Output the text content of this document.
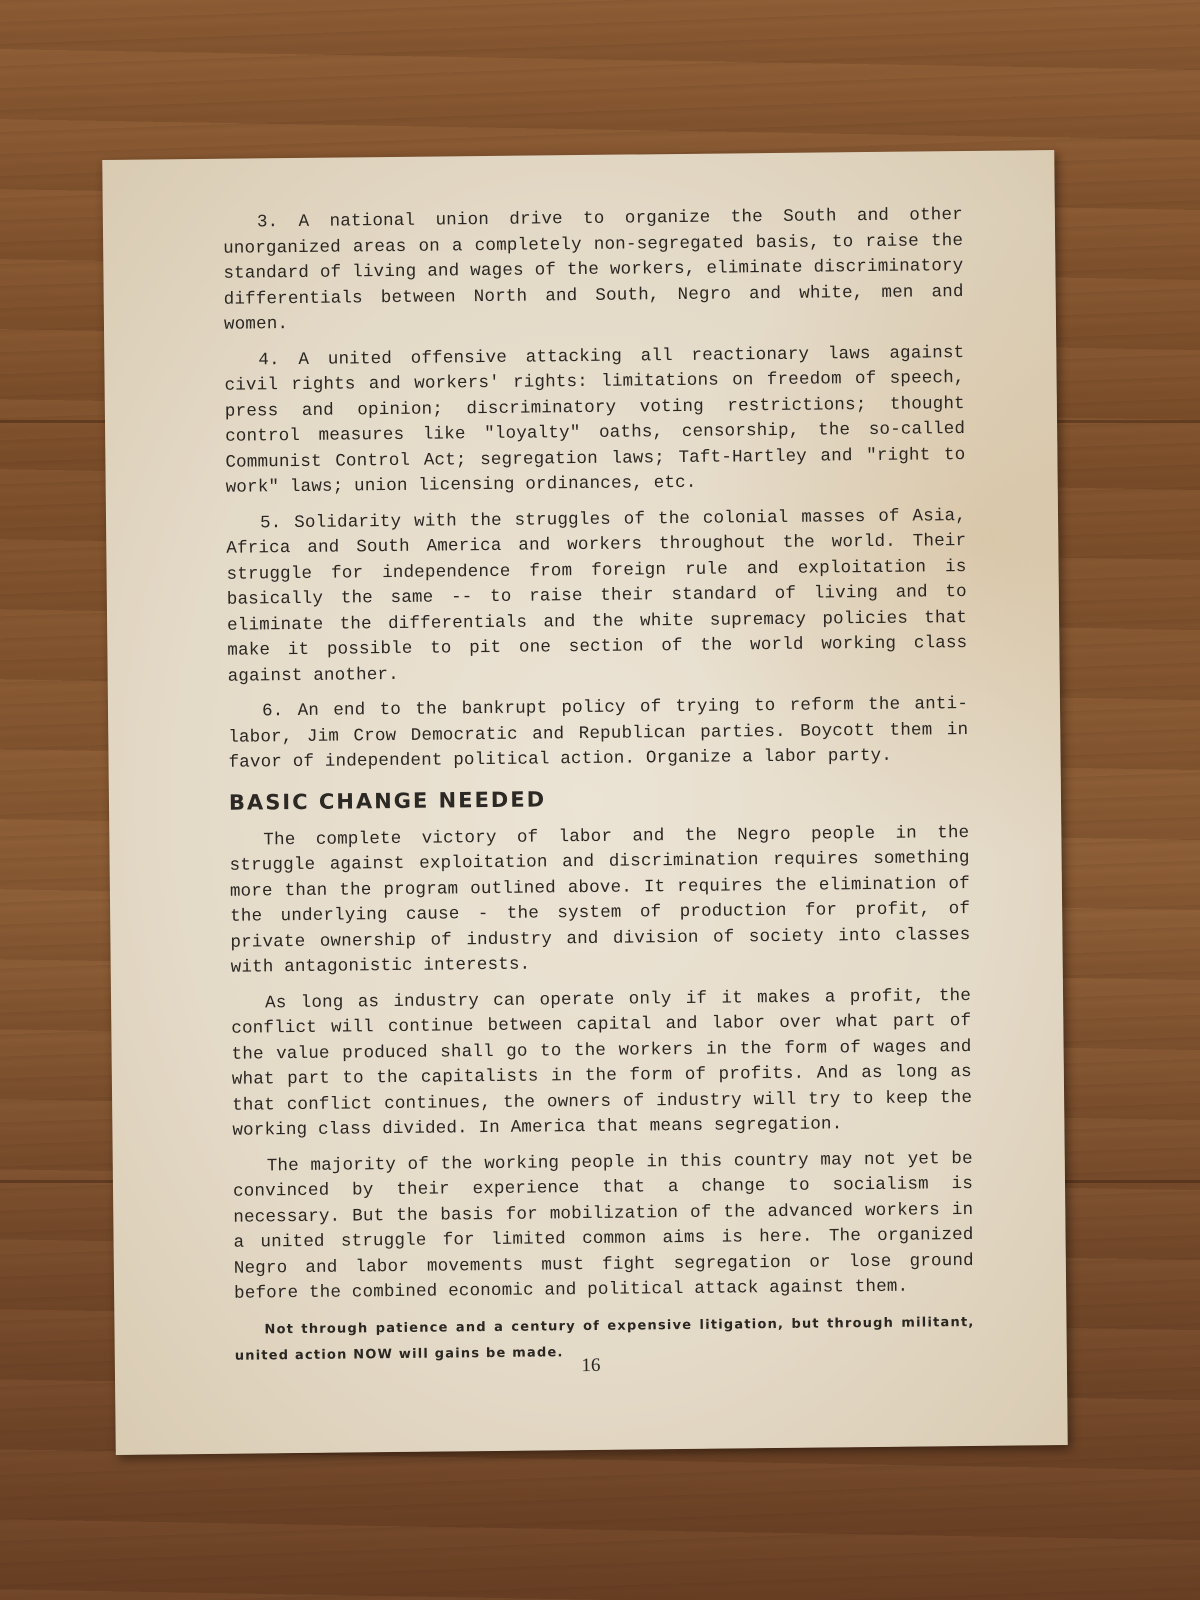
3. A national union drive to organize the South and other unorganized areas on a completely non-segregated basis, to raise the standard of living and wages of the workers, eliminate discriminatory differentials between North and South, Negro and white, men and women.

4. A united offensive attacking all reactionary laws against civil rights and workers' rights: limitations on freedom of speech, press and opinion; discriminatory voting restrictions; thought control measures like "loyalty" oaths, censorship, the so-called Communist Control Act; segregation laws; Taft-Hartley and "right to work" laws; union licensing ordinances, etc.

5. Solidarity with the struggles of the colonial masses of Asia, Africa and South America and workers throughout the world. Their struggle for independence from foreign rule and exploitation is basically the same -- to raise their standard of living and to eliminate the differentials and the white supremacy policies that make it possible to pit one section of the world working class against another.

6. An end to the bankrupt policy of trying to reform the anti-labor, Jim Crow Democratic and Republican parties. Boycott them in favor of independent political action. Organize a labor party.

BASIC CHANGE NEEDED

The complete victory of labor and the Negro people in the struggle against exploitation and discrimination requires something more than the program outlined above. It requires the elimination of the underlying cause - the system of production for profit, of private ownership of industry and division of society into classes with antagonistic interests.

As long as industry can operate only if it makes a profit, the conflict will continue between capital and labor over what part of the value produced shall go to the workers in the form of wages and what part to the capitalists in the form of profits. And as long as that conflict continues, the owners of industry will try to keep the working class divided. In America that means segregation.

The majority of the working people in this country may not yet be convinced by their experience that a change to socialism is necessary. But the basis for mobilization of the advanced workers in a united struggle for limited common aims is here. The organized Negro and labor movements must fight segregation or lose ground before the combined economic and political attack against them.

Not through patience and a century of expensive litigation, but through militant, united action NOW will gains be made.

16
